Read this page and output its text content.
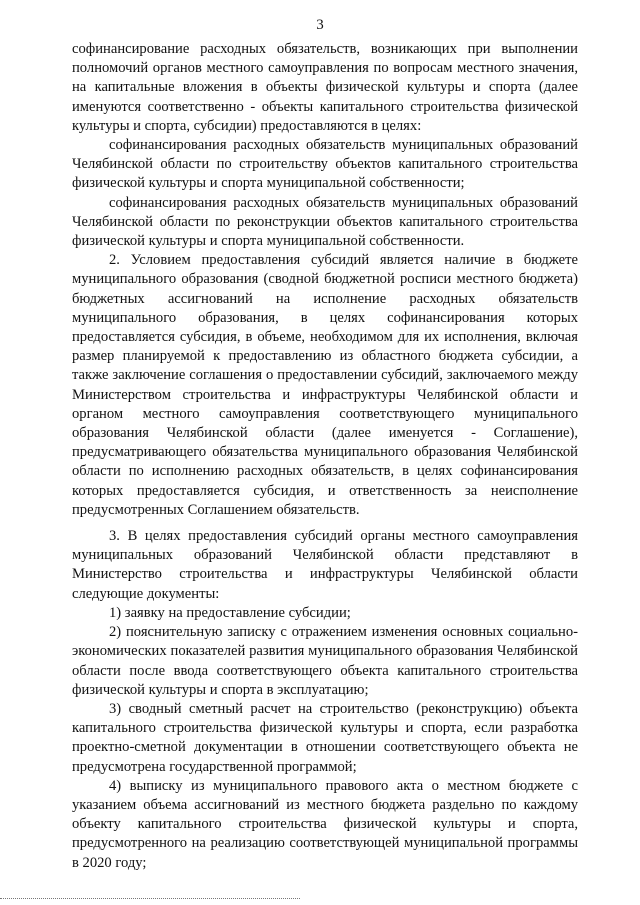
3

софинансирование расходных обязательств, возникающих при выполнении полномочий органов местного самоуправления по вопросам местного значения, на капитальные вложения в объекты физической культуры и спорта (далее именуются соответственно - объекты капитального строительства физической культуры и спорта, субсидии) предоставляются в целях:

софинансирования расходных обязательств муниципальных образований Челябинской области по строительству объектов капитального строительства физической культуры и спорта муниципальной собственности;

софинансирования расходных обязательств муниципальных образований Челябинской области по реконструкции объектов капитального строительства физической культуры и спорта муниципальной собственности.

2. Условием предоставления субсидий является наличие в бюджете муниципального образования (сводной бюджетной росписи местного бюджета) бюджетных ассигнований на исполнение расходных обязательств муниципального образования, в целях софинансирования которых предоставляется субсидия, в объеме, необходимом для их исполнения, включая размер планируемой к предоставлению из областного бюджета субсидии, а также заключение соглашения о предоставлении субсидий, заключаемого между Министерством строительства и инфраструктуры Челябинской области и органом местного самоуправления соответствующего муниципального образования Челябинской области (далее именуется - Соглашение), предусматривающего обязательства муниципального образования Челябинской области по исполнению расходных обязательств, в целях софинансирования которых предоставляется субсидия, и ответственность за неисполнение предусмотренных Соглашением обязательств.

3. В целях предоставления субсидий органы местного самоуправления муниципальных образований Челябинской области представляют в Министерство строительства и инфраструктуры Челябинской области следующие документы:

1) заявку на предоставление субсидии;

2) пояснительную записку с отражением изменения основных социально-экономических показателей развития муниципального образования Челябинской области после ввода соответствующего объекта капитального строительства физической культуры и спорта в эксплуатацию;

3) сводный сметный расчет на строительство (реконструкцию) объекта капитального строительства физической культуры и спорта, если разработка проектно-сметной документации в отношении соответствующего объекта не предусмотрена государственной программой;

4) выписку из муниципального правового акта о местном бюджете с указанием объема ассигнований из местного бюджета раздельно по каждому объекту капитального строительства физической культуры и спорта, предусмотренного на реализацию соответствующей муниципальной программы в 2020 году;
